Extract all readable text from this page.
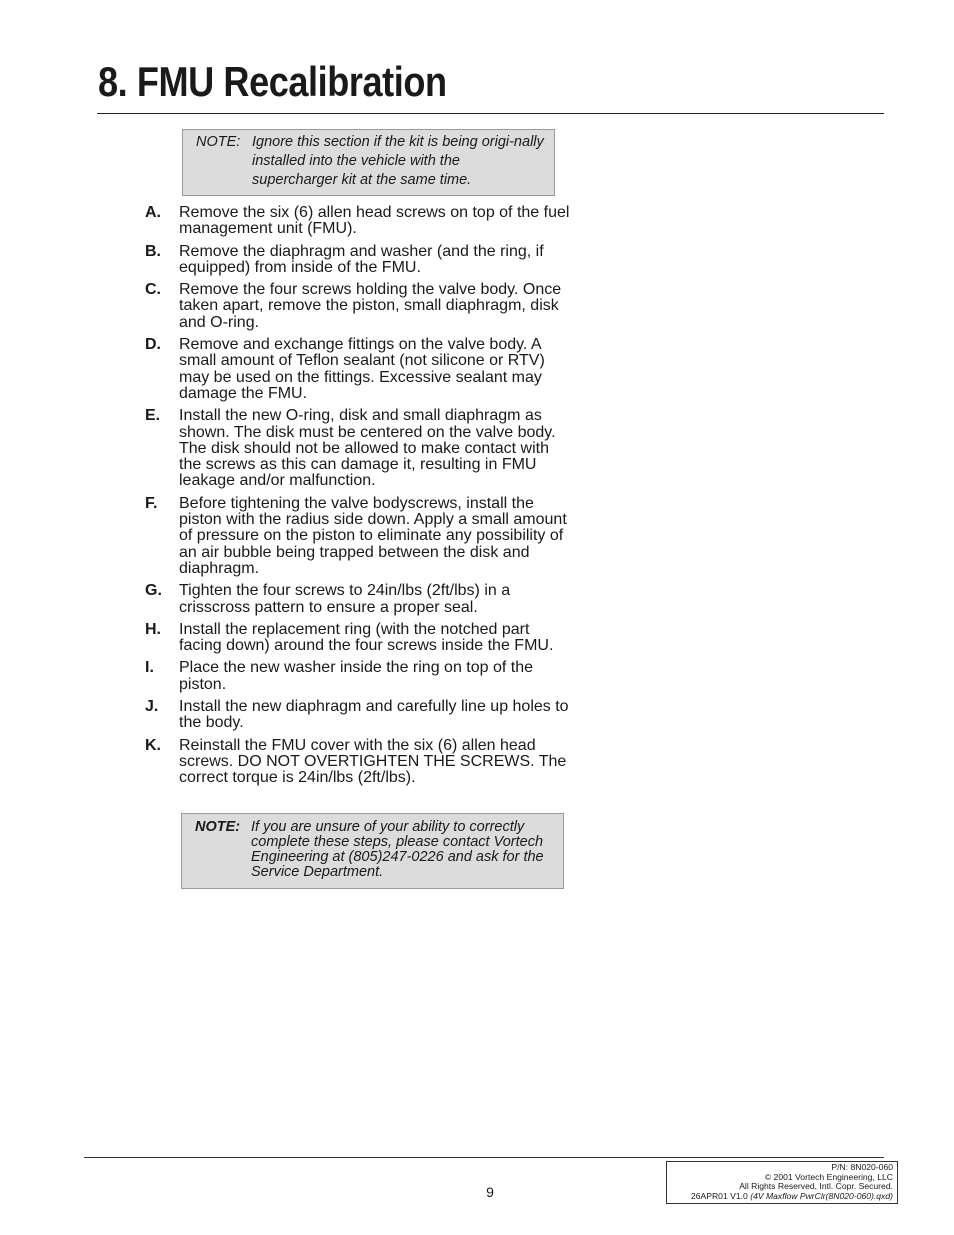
8. FMU Recalibration
NOTE: Ignore this section if the kit is being origi-nally installed into the vehicle with the supercharger kit at the same time.
A. Remove the six (6) allen head screws on top of the fuel management unit (FMU).
B. Remove the diaphragm and washer (and the ring, if equipped) from inside of the FMU.
C. Remove the four screws holding the valve body. Once taken apart, remove the piston, small diaphragm, disk and O-ring.
D. Remove and exchange fittings on the valve body. A small amount of Teflon sealant (not silicone or RTV) may be used on the fittings. Excessive sealant may damage the FMU.
E. Install the new O-ring, disk and small diaphragm as shown. The disk must be centered on the valve body. The disk should not be allowed to make contact with the screws as this can damage it, resulting in FMU leakage and/or malfunction.
F. Before tightening the valve bodyscrews, install the piston with the radius side down. Apply a small amount of pressure on the piston to eliminate any possibility of an air bubble being trapped between the disk and diaphragm.
G. Tighten the four screws to 24in/lbs (2ft/lbs) in a crisscross pattern to ensure a proper seal.
H. Install the replacement ring (with the notched part facing down) around the four screws inside the FMU.
I. Place the new washer inside the ring on top of the piston.
J. Install the new diaphragm and carefully line up holes to the body.
K. Reinstall the FMU cover with the six (6) allen head screws. DO NOT OVERTIGHTEN THE SCREWS. The correct torque is 24in/lbs (2ft/lbs).
NOTE: If you are unsure of your ability to correctly complete these steps, please contact Vortech Engineering at (805)247-0226 and ask for the Service Department.
9
P/N: 8N020-060
© 2001 Vortech Engineering, LLC
All Rights Reserved, Intl. Copr. Secured.
26APR01 V1.0 (4V Maxflow PwrClr(8N020-060).qxd)
